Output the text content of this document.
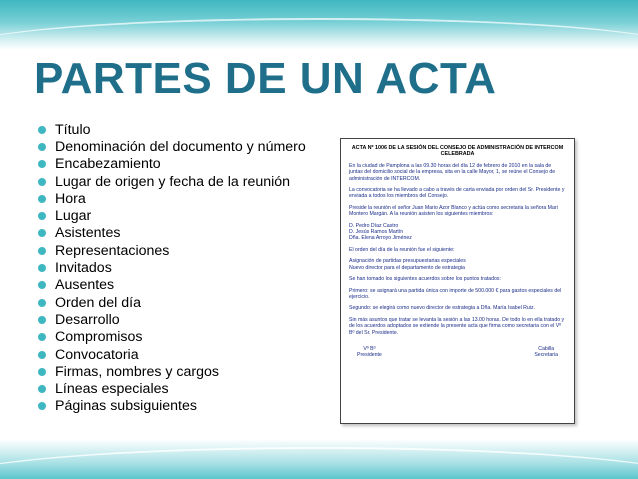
PARTES DE UN ACTA
Título
Denominación del documento y número
Encabezamiento
Lugar de origen y fecha de la reunión
Hora
Lugar
Asistentes
Representaciones
Invitados
Ausentes
Orden del día
Desarrollo
Compromisos
Convocatoria
Firmas, nombres y cargos
Líneas especiales
Páginas subsiguientes
ACTA Nº 1006 DE LA SESIÓN DEL CONSEJO DE ADMINISTRACIÓN DE INTERCOM
CELEBRADA

En la ciudad de Pamplona a las 09.30 horas del día 12 de febrero de 2010 en la sala de juntas del domicilio social de la empresa, sita en la calle Mayor, 1, se reúne el Consejo de administración de INTERCOM.

La convocatoria se ha llevado a cabo a través de carta enviada por orden del Sr. Presidente y enviada a todos los miembros del Consejo.

Preside la reunión el señor Juan Mario Azor Blanco y actúa como secretaria la señora Mari Montero Margán. A la reunión asisten los siguientes miembros:

D. Pedro Díaz Castro
D. Jesús Ramos Martín
Dña. Elena Arroyo Jiménez

El orden del día de la reunión fue el siguiente:

Asignación de partidas presupuestarias especiales
Nuevo director para el departamento de estrategia

Se han tomado los siguientes acuerdos sobre los puntos tratados:

Primero: se asignará una partida única con importe de 500.000 € para gastos especiales del ejercicio.

Segundo: se elegirá como nuevo director de estrategia a Dña. María Isabel Ruiz.

Sin más asuntos que tratar se levanta la sesión a las 13.00 horas. De todo lo en ella tratado y de los acuerdos adoptados se extiende la presente acta que firma como secretaria con el Vº Bº del Sr. Presidente.

Vº Bº
Presidente
Cabilla
Secretaria
